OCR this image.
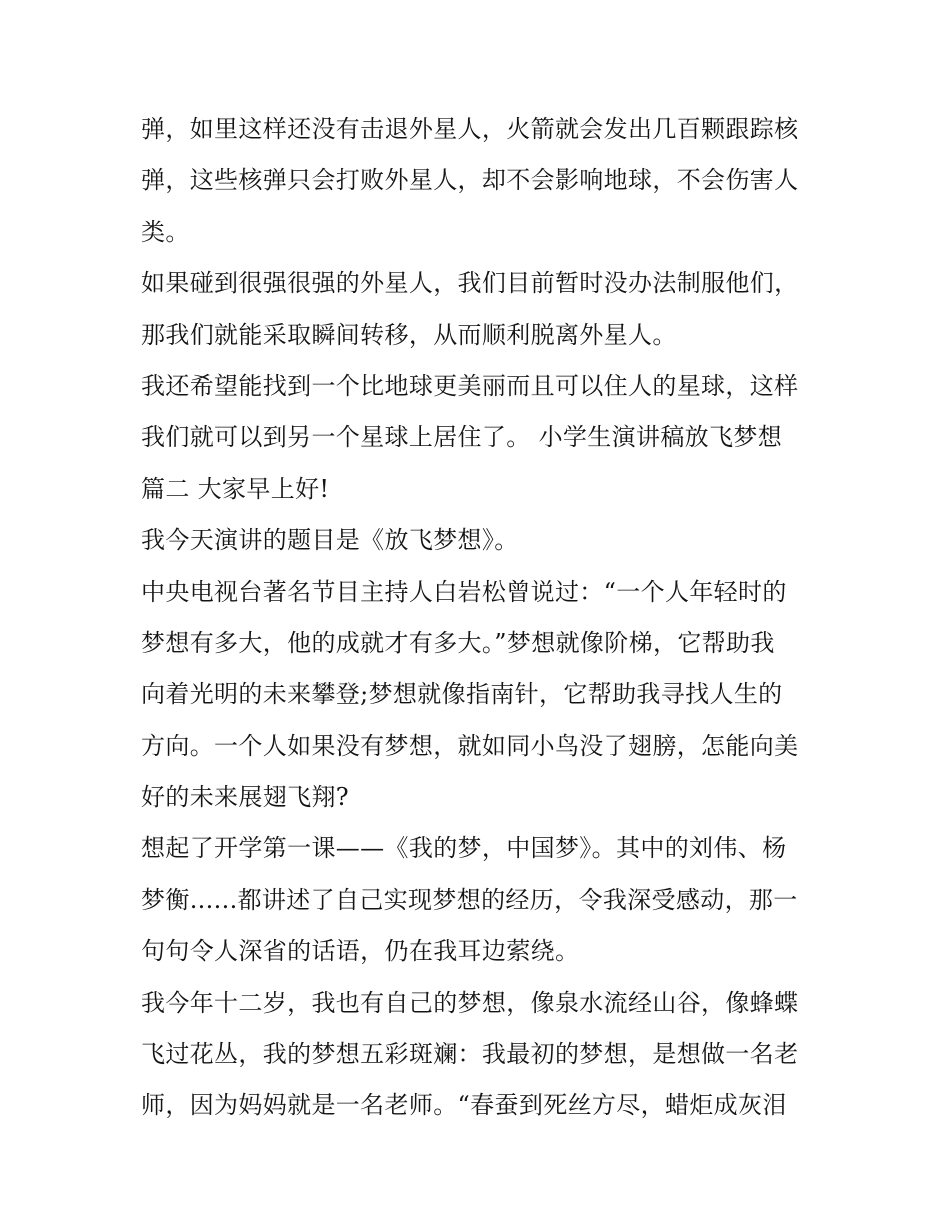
弹，如里这样还没有击退外星人，火箭就会发出几百颗跟踪核

弹，这些核弹只会打败外星人，却不会影响地球，不会伤害人

类。

如果碰到很强很强的外星人，我们目前暂时没办法制服他们，

那我们就能采取瞬间转移，从而顺利脱离外星人。

我还希望能找到一个比地球更美丽而且可以住人的星球，这样

我们就可以到另一个星球上居住了。 小学生演讲稿放飞梦想

篇二 大家早上好!

我今天演讲的题目是《放飞梦想》。

中央电视台著名节目主持人白岩松曾说过：“一个人年轻时的

梦想有多大，他的成就才有多大。”梦想就像阶梯，它帮助我

向着光明的未来攀登;梦想就像指南针，它帮助我寻找人生的

方向。一个人如果没有梦想，就如同小鸟没了翅膀，怎能向美

好的未来展翅飞翔?

想起了开学第一课——《我的梦，中国梦》。其中的刘伟、杨

梦衡......都讲述了自己实现梦想的经历，令我深受感动，那一

句句令人深省的话语，仍在我耳边萦绕。

我今年十二岁，我也有自己的梦想，像泉水流经山谷，像蜂蝶

飞过花丛，我的梦想五彩斑斓：我最初的梦想，是想做一名老

师，因为妈妈就是一名老师。“春蚕到死丝方尽，蜡炬成灰泪
